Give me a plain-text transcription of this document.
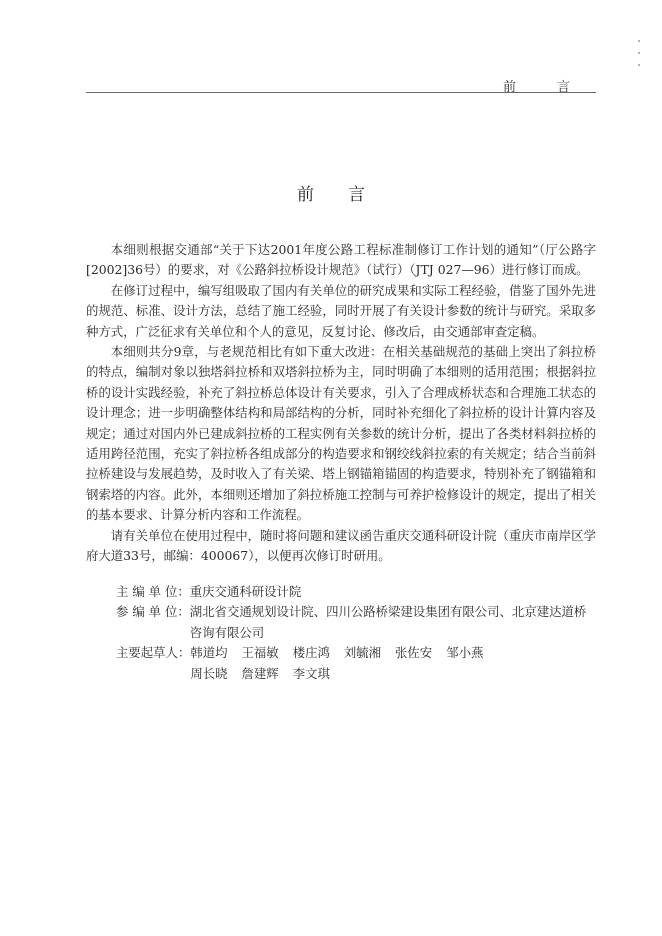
前　言
前言

本细则根据交通部“关于下达2001年度公路工程标准制修订工作计划的通知”（厅公路字[2002]36号）的要求，对《公路斜拉桥设计规范》（试行）（JTJ 027—96）进行修订而成。

在修订过程中，编写组吸取了国内有关单位的研究成果和实际工程经验，借鉴了国外先进的规范、标准、设计方法，总结了施工经验，同时开展了有关设计参数的统计与研究。采取多种方式，广泛征求有关单位和个人的意见，反复讨论、修改后，由交通部审查定稿。

本细则共分9章，与老规范相比有如下重大改进：在相关基础规范的基础上突出了斜拉桥的特点，编制对象以独塔斜拉桥和双塔斜拉桥为主，同时明确了本细则的适用范围；根据斜拉桥的设计实践经验，补充了斜拉桥总体设计有关要求，引入了合理成桥状态和合理施工状态的设计理念；进一步明确整体结构和局部结构的分析，同时补充细化了斜拉桥的设计计算内容及规定；通过对国内外已建成斜拉桥的工程实例有关参数的统计分析，提出了各类材料斜拉桥的适用跨径范围，充实了斜拉桥各组成部分的构造要求和钢绞线斜拉索的有关规定；结合当前斜拉桥建设与发展趋势，及时收入了有关梁、塔上钢锚箱锚固的构造要求，特别补充了钢锚箱和钢索塔的内容。此外，本细则还增加了斜拉桥施工控制与可养护检修设计的规定，提出了相关的基本要求、计算分析内容和工作流程。

请有关单位在使用过程中，随时将问题和建议函告重庆交通科研设计院（重庆市南岸区学府大道33号，邮编：400067），以便再次修订时研用。

主 编 单 位： 重庆交通科研设计院
参 编 单 位： 湖北省交通规划设计院、四川公路桥梁建设集团有限公司、北京建达道桥咨询有限公司
主要起草人： 韩道均 王福敏 楼庄鸿 刘毓湘 张佐安 邹小燕
周长晓 詹建辉 李文琪
